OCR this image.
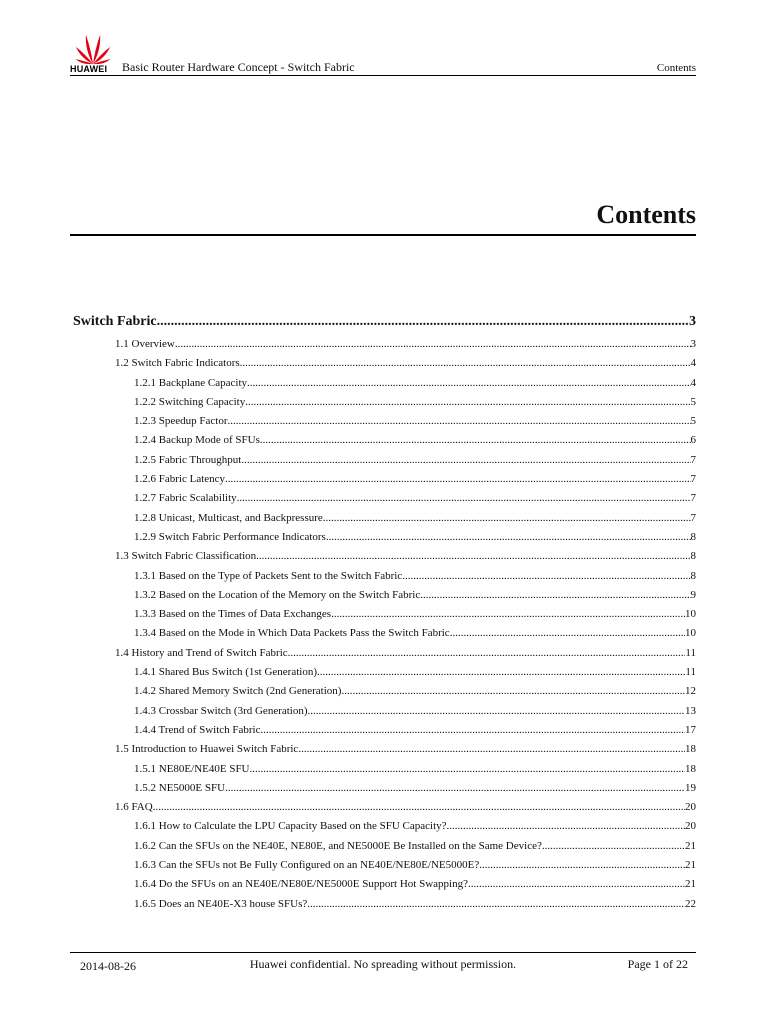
HUAWEI Basic Router Hardware Concept - Switch Fabric	Contents
Contents
Switch Fabric .....	3
1.1 Overview .....	3
1.2 Switch Fabric Indicators .....	4
1.2.1 Backplane Capacity .....	4
1.2.2 Switching Capacity .....	5
1.2.3 Speedup Factor .....	5
1.2.4 Backup Mode of SFUs .....	6
1.2.5 Fabric Throughput .....	7
1.2.6 Fabric Latency .....	7
1.2.7 Fabric Scalability .....	7
1.2.8 Unicast, Multicast, and Backpressure .....	7
1.2.9 Switch Fabric Performance Indicators .....	8
1.3 Switch Fabric Classification .....	8
1.3.1 Based on the Type of Packets Sent to the Switch Fabric .....	8
1.3.2 Based on the Location of the Memory on the Switch Fabric .....	9
1.3.3 Based on the Times of Data Exchanges .....	10
1.3.4 Based on the Mode in Which Data Packets Pass the Switch Fabric .....	10
1.4 History and Trend of Switch Fabric .....	11
1.4.1 Shared Bus Switch (1st Generation) .....	11
1.4.2 Shared Memory Switch (2nd Generation) .....	12
1.4.3 Crossbar Switch (3rd Generation) .....	13
1.4.4 Trend of Switch Fabric .....	17
1.5 Introduction to Huawei Switch Fabric .....	18
1.5.1 NE80E/NE40E SFU .....	18
1.5.2 NE5000E SFU .....	19
1.6 FAQ .....	20
1.6.1 How to Calculate the LPU Capacity Based on the SFU Capacity? .....	20
1.6.2 Can the SFUs on the NE40E, NE80E, and NE5000E Be Installed on the Same Device? .....	21
1.6.3 Can the SFUs not Be Fully Configured on an NE40E/NE80E/NE5000E? .....	21
1.6.4 Do the SFUs on an NE40E/NE80E/NE5000E Support Hot Swapping? .....	21
1.6.5 Does an NE40E-X3 house SFUs? .....	22
2014-08-26	Huawei confidential. No spreading without permission.	Page 1 of 22
